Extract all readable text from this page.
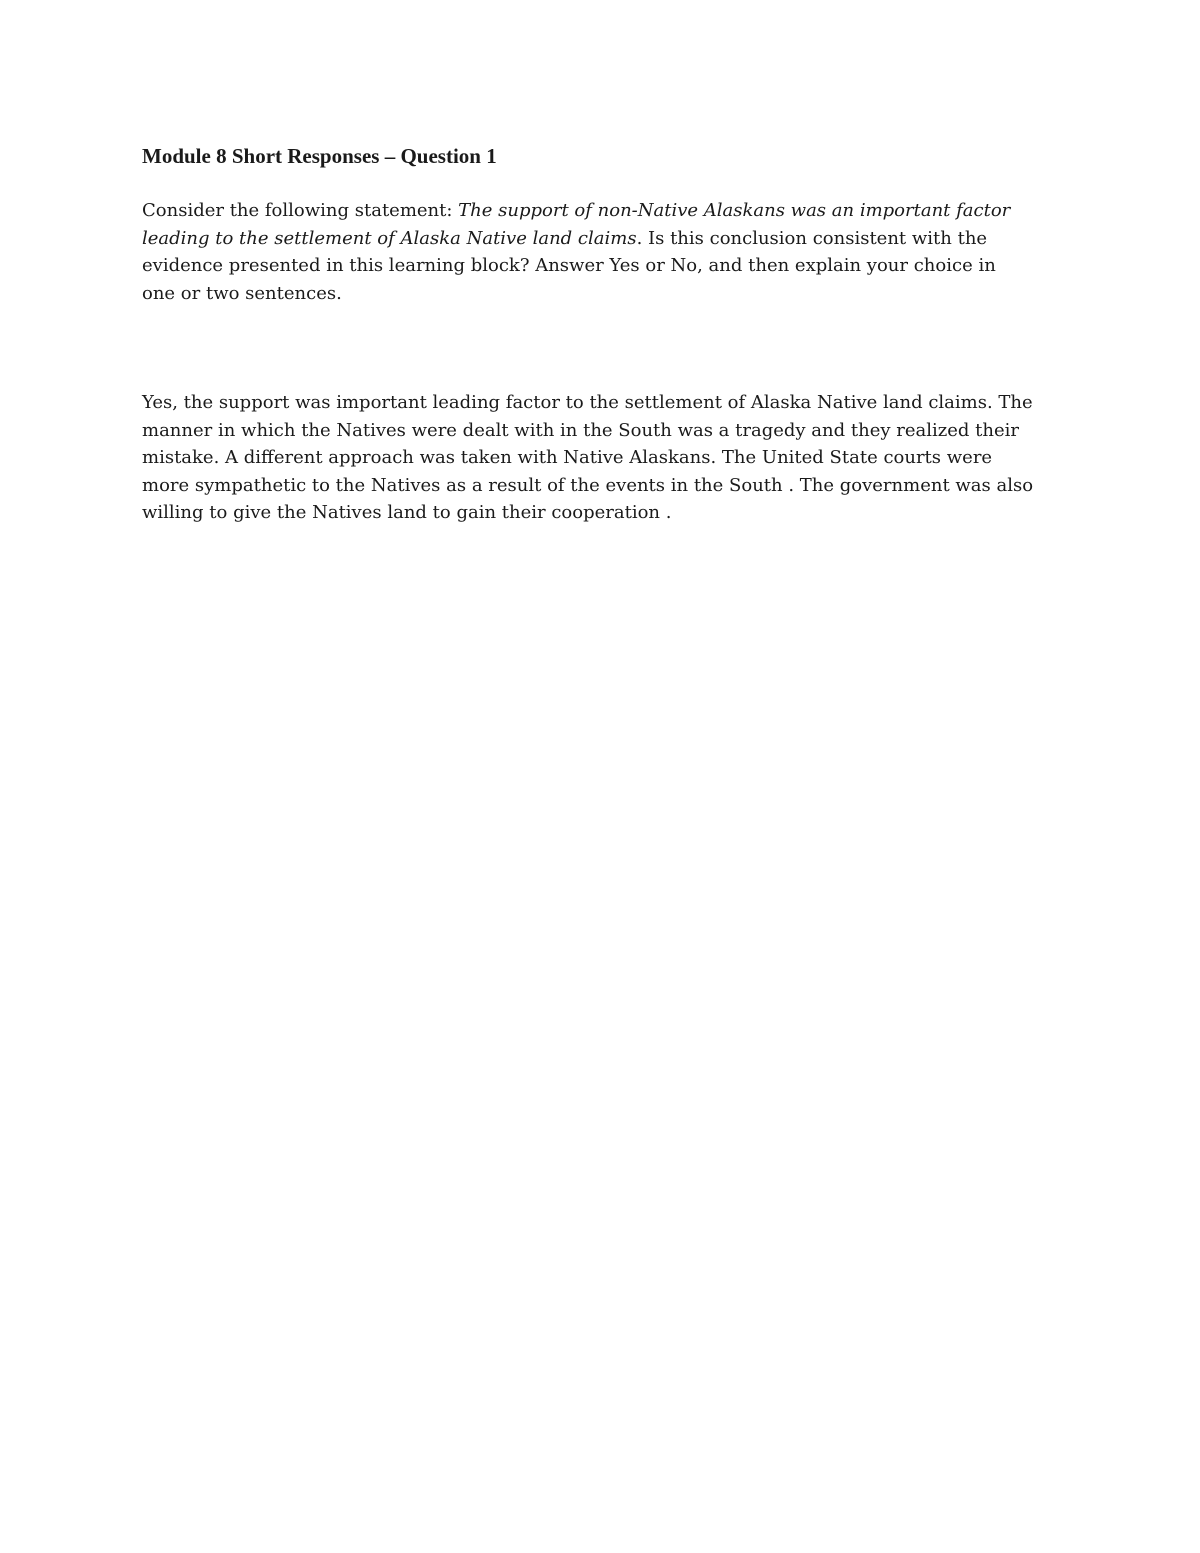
Module 8 Short Responses – Question 1

Consider the following statement: The support of non-Native Alaskans was an important factor
leading to the settlement of Alaska Native land claims. Is this conclusion consistent with the
evidence presented in this learning block? Answer Yes or No, and then explain your choice in
one or two sentences.

Yes, the support was important leading factor to the settlement of Alaska Native land claims. The
manner in which the Natives were dealt with in the South was a tragedy and they realized their
mistake. A different approach was taken with Native Alaskans. The United State courts were
more sympathetic to the Natives as a result of the events in the South . The government was also
willing to give the Natives land to gain their cooperation .
